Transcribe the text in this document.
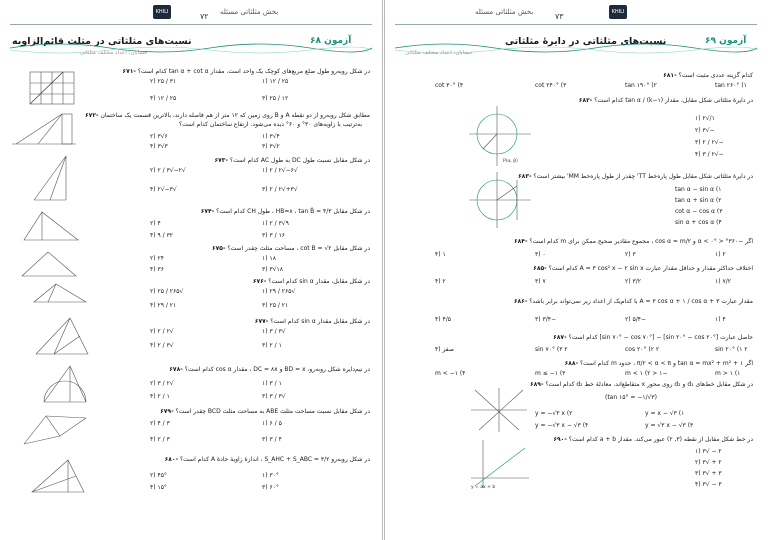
KHILI	بخش مثلثاتی مسئله
۷۲
نسبت‌های مثلثاتی در مثلث قائم‌الزاویه	آزمون ۶۸
حسابان: اعداد مختلف مثلثاتی
در شکل روبه‌رو طول ضلع مربع‌های کوچک یک واحد است. مقدار tan α + cot α کدام است؟ -۶۷۱
۳۱ / ۲۵ (۲	۲۵ / ۱۲ (۱
۲۵ / ۱۲ (۴	۱۲ / ۲۵ (۳
مطابق شکل روبه‌رو از دو نقطه A و B روی زمین که ۱۲ متر از هم فاصله دارند، بالاترین قسمت یک ساختمان -۶۷۲
به‌ترتیب با زاویه‌های ۳۰° و ۶۰° دیده می‌شود. ارتفاع ساختمان کدام است؟
۶√۳ (۲	۴√۳ (۱
۳√۳ (۴	۲√۳ (۳
در شکل مقابل نسبت طول DC به طول AC کدام است؟ -۶۷۳
√۲−√۳ / ۲ (۲	√۶−√۲ / ۲ (۱
√۳−√۲ (۴	√۳+√۲ / ۲ (۳
در شکل مقابل HB=۸ ، tan B̂ = ۴/۳ ، طول CH کدام است؟ -۶۷۴
۴ (۲	۹√۳ / ۲ (۱
۳۲ / ۹ (۴	۱۶ / ۳ (۳
در شکل مقابل cot B = √۲ ، مساحت مثلث چقدر است؟ -۶۷۵
۲۴ (۲	۱۸ (۱
۳۶ (۴	۱۸√۳ (۳
در شکل مقابل، مقدار sin α کدام است؟ -۶۷۶
√۲۶۵ / ۲۵ (۲	√۲۶۵ / ۲۹ (۱
۲۱ / ۲۹ (۴	۲۱ / ۲۵ (۳
در شکل مقابل مقدار sin α کدام است؟ -۶۷۷
√۲ / ۲ (۲	√۳ / ۳ (۱
√۳ / ۲ (۴	۱ / ۲ (۳
در نیم‌دایره شکل روبه‌رو، BD = x و DC = ۸x ، مقدار cos α کدام است؟ -۶۷۸
√۲ / ۳ (۲	۱ / ۳ (۱
۱ / ۲ (۴	√۳ / ۳ (۳
در شکل مقابل نسبت مساحت مثلث ABE به مساحت مثلث BCD چقدر است؟ -۶۷۹
۳ / ۴ (۲	۵ / ۶ (۱
۳ / ۲ (۴	۴ / ۳ (۳
در شکل روبه‌رو S_AHC + S_ABC = ۳/۲ ، اندازهٔ زاویهٔ حادهٔ A کدام است؟ -۶۸۰
۴۵° (۲	۳۰° (۱
۱۵° (۴	۶۰° (۳
KHILI
بخش مثلثاتی مسئله	۷۳
نسبت‌های مثلثاتی در دایرهٔ مثلثاتی	آزمون ۶۹
حسابان: اعداد مختلف مثلثاتی
کدام گزینه عددی مثبت است؟ -۶۸۱
tan ۱۹۰° (۲	tan ۲۶۰° (۱
cot ۳۰° (۴	cot ۲۴۰° (۳
در دایرهٔ مثلثاتی شکل مقابل، مقدار tan α / (k−۱) کدام است؟ -۶۸۲
۱/√۲ (۱
−√۳ (۲
−√۲ / ۲ (۳
−√۲ / ۳ (۴
P(α, β)
در دایرهٔ مثلثاتی شکل مقابل طول پاره‌خط TT' چقدر از طول پاره‌خط MM' بیشتر است؟ -۶۸۳
tan α − sin α (۱
tan α + sin α (۲
cot α − cos α (۳
sin α + cos α (۴
اگر −۳۶۰° < α < ۰° و cos α = m/۲ ، مجموع مقادیر صحیح ممکن برای m کدام است؟ -۶۸۴
۳ (۲	۲ (۱
۱ (۴	۰ (۳
اختلاف حداکثر مقدار و حداقل مقدار عبارت A = ۳ cos² x − ۲ sin x کدام است؟ -۶۸۵
۳/۲ (۲	۷/۲ (۱
۲ (۴	۷ (۳
مقدار عبارت A = ۳ cos α + ۱ / cos α + ۳ با کدام‌یک از اعداد زیر نمی‌تواند برابر باشد؟ -۶۸۶
۴ (۱
−۵/۴ (۲
−۳/۴ (۳
۴/۵ (۴
حاصل عبارت [sin ۲۰° − cos ۲۰°] − [sin ۷۰° − cos ۷۰°] کدام است؟ -۶۸۷
۲ cos ۲۰° (۲	۲ sin ۲۰° (۱
صفر (۴	۲ sin ۷۰° (۳
اگر tan α = mx² + m² + ۱ و π/۲ < α < π ، حدود m کدام است؟ -۶۸۸
−۱ < m < ۱ (۲	m > ۱ (۱
m < −۱ (۴	m ≤ −۱ (۳
در شکل مقابل خط‌های d₁ و d₂ روی محور x متقاطع‌اند. معادلهٔ خط d₂ کدام است؟ -۶۸۹
(tan ۱۵° = −۱/√۳)
y = −√۳ x (۲	y = x − √۳ (۱
y = −√۳ x − √۳ (۴	y = √۳ x − √۳ (۳
در خط شکل مقابل از نقطه (۳, ۲) عبور می‌کند. مقدار a + b کدام است؟ -۶۹۰
۲ − √۳ (۱
۲ + √۳ (۲
۳ + √۳ (۳
۳ − √۳ (۴
y = ax + b
